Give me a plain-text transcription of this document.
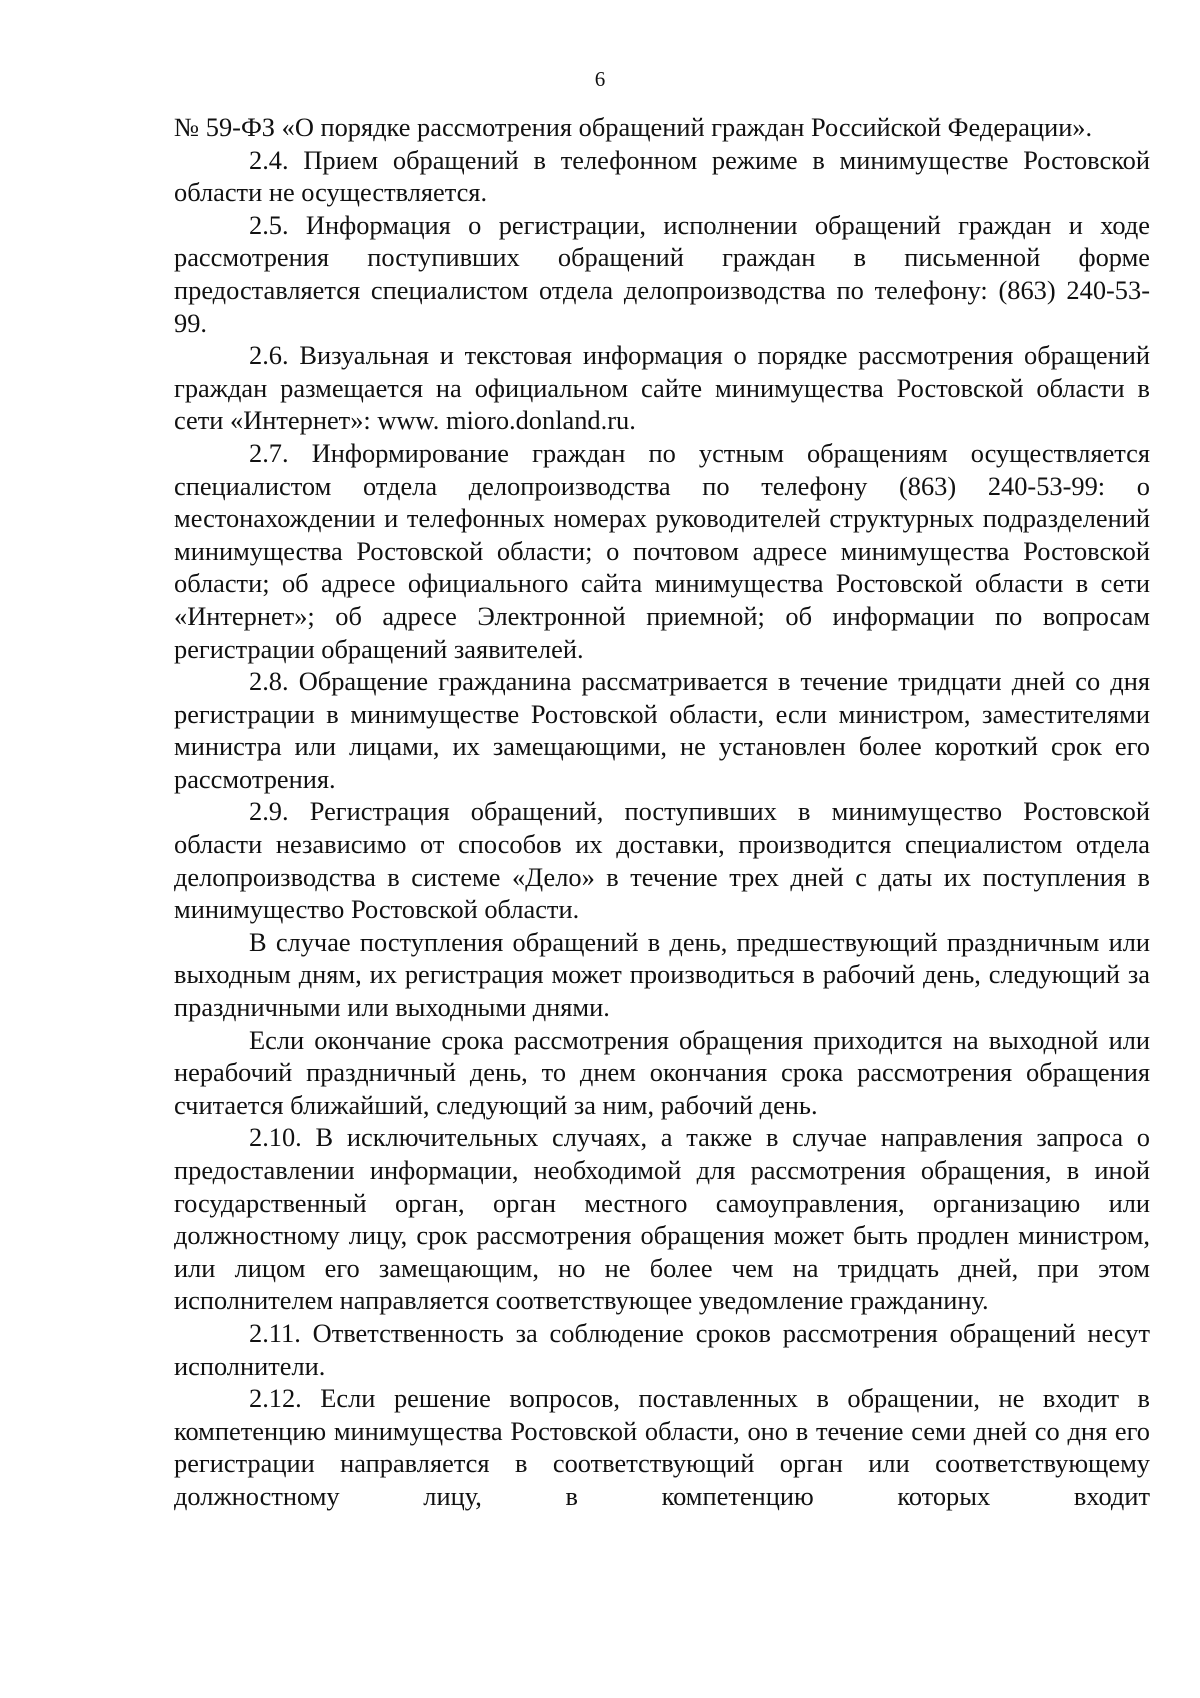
6

№ 59-ФЗ «О порядке рассмотрения обращений граждан Российской Федерации».

2.4. Прием обращений в телефонном режиме в минимуществе Ростовской области не осуществляется.

2.5. Информация о регистрации, исполнении обращений граждан и ходе рассмотрения поступивших обращений граждан в письменной форме предоставляется специалистом отдела делопроизводства по телефону: (863) 240-53-99.

2.6. Визуальная и текстовая информация о порядке рассмотрения обращений граждан размещается на официальном сайте минимущества Ростовской области в сети «Интернет»: www. mioro.donland.ru.

2.7. Информирование граждан по устным обращениям осуществляется специалистом отдела делопроизводства по телефону (863) 240-53-99: о местонахождении и телефонных номерах руководителей структурных подразделений минимущества Ростовской области; о почтовом адресе минимущества Ростовской области; об адресе официального сайта минимущества Ростовской области в сети «Интернет»; об адресе Электронной приемной; об информации по вопросам регистрации обращений заявителей.

2.8. Обращение гражданина рассматривается в течение тридцати дней со дня регистрации в минимуществе Ростовской области, если министром, заместителями министра или лицами, их замещающими, не установлен более короткий срок его рассмотрения.

2.9. Регистрация обращений, поступивших в минимущество Ростовской области независимо от способов их доставки, производится специалистом отдела делопроизводства в системе «Дело» в течение трех дней с даты их поступления в минимущество Ростовской области.

В случае поступления обращений в день, предшествующий праздничным или выходным дням, их регистрация может производиться в рабочий день, следующий за праздничными или выходными днями.

Если окончание срока рассмотрения обращения приходится на выходной или нерабочий праздничный день, то днем окончания срока рассмотрения обращения считается ближайший, следующий за ним, рабочий день.

2.10. В исключительных случаях, а также в случае направления запроса о предоставлении информации, необходимой для рассмотрения обращения, в иной государственный орган, орган местного самоуправления, организацию или должностному лицу, срок рассмотрения обращения может быть продлен министром, или лицом его замещающим, но не более чем на тридцать дней, при этом исполнителем направляется соответствующее уведомление гражданину.

2.11. Ответственность за соблюдение сроков рассмотрения обращений несут исполнители.

2.12. Если решение вопросов, поставленных в обращении, не входит в компетенцию минимущества Ростовской области, оно в течение семи дней со дня его регистрации направляется в соответствующий орган или соответствующему должностному лицу, в компетенцию которых входит
